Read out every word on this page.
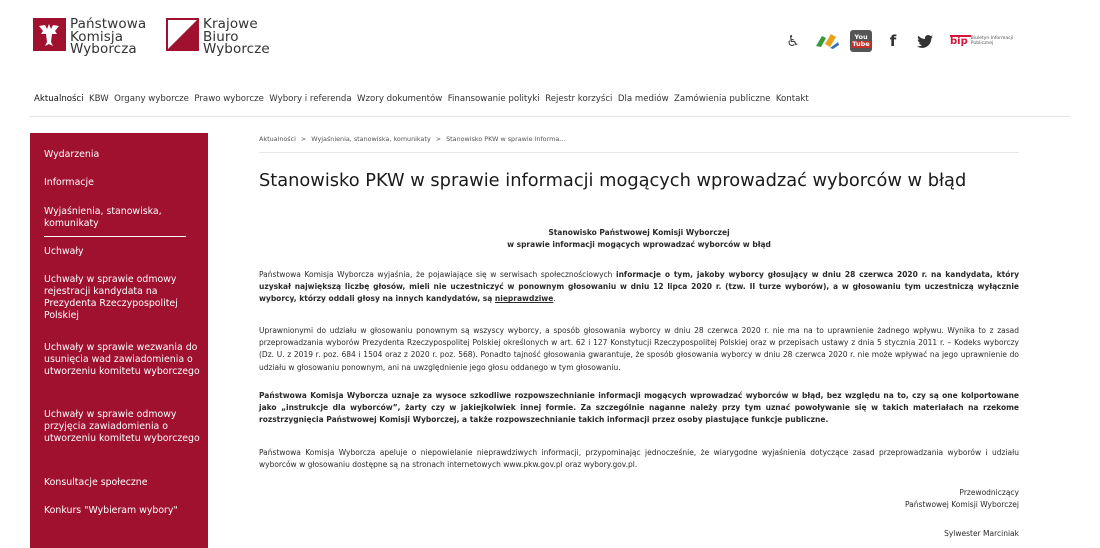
Państwowa
Komisja
Wyborcza
Krajowe
Biuro
Wyborcze	♿	You
Tube	f	bip Biuletyn Informacji Publicznej
Aktualności KBW Organy wyborcze Prawo wyborcze Wybory i referenda Wzory dokumentów Finansowanie polityki Rejestr korzyści Dla mediów Zamówienia publiczne Kontakt
Wydarzenia
Informacje
Wyjaśnienia, stanowiska, komunikaty
Uchwały
Uchwały w sprawie odmowy rejestracji kandydata na Prezydenta Rzeczypospolitej Polskiej
Uchwały w sprawie wezwania do usunięcia wad zawiadomienia o utworzeniu komitetu wyborczego
Uchwały w sprawie odmowy przyjęcia zawiadomienia o utworzeniu komitetu wyborczego
Konsultacje społeczne
Konkurs "Wybieram wybory"
Aktualności > Wyjaśnienia, stanowiska, komunikaty > Stanowisko PKW w sprawie informa...
Stanowisko PKW w sprawie informacji mogących wprowadzać wyborców w błąd
Stanowisko Państwowej Komisji Wyborczej
w sprawie informacji mogących wprowadzać wyborców w błąd

Państwowa Komisja Wyborcza wyjaśnia, że pojawiające się w serwisach społecznościowych informacje o tym, jakoby wyborcy głosujący w dniu 28 czerwca 2020 r. na kandydata, który uzyskał największą liczbę głosów, mieli nie uczestniczyć w ponownym głosowaniu w dniu 12 lipca 2020 r. (tzw. II turze wyborów), a w głosowaniu tym uczestniczą wyłącznie wyborcy, którzy oddali głosy na innych kandydatów, są nieprawdziwe.

Uprawnionymi do udziału w głosowaniu ponownym są wszyscy wyborcy, a sposób głosowania wyborcy w dniu 28 czerwca 2020 r. nie ma na to uprawnienie żadnego wpływu. Wynika to z zasad przeprowadzania wyborów Prezydenta Rzeczypospolitej Polskiej określonych w art. 62 i 127 Konstytucji Rzeczypospolitej Polskiej oraz w przepisach ustawy z dnia 5 stycznia 2011 r. – Kodeks wyborczy (Dz. U. z 2019 r. poz. 684 i 1504 oraz z 2020 r. poz. 568). Ponadto tajność głosowania gwarantuje, że sposób głosowania wyborcy w dniu 28 czerwca 2020 r. nie może wpływać na jego uprawnienie do udziału w głosowaniu ponownym, ani na uwzględnienie jego głosu oddanego w tym głosowaniu.

Państwowa Komisja Wyborcza uznaje za wysoce szkodliwe rozpowszechnianie informacji mogących wprowadzać wyborców w błąd, bez względu na to, czy są one kolportowane jako „instrukcje dla wyborców”, żarty czy w jakiejkolwiek innej formie. Za szczególnie naganne należy przy tym uznać powoływanie się w takich materiałach na rzekome rozstrzygnięcia Państwowej Komisji Wyborczej, a także rozpowszechnianie takich informacji przez osoby piastujące funkcje publiczne.

Państwowa Komisja Wyborcza apeluje o niepowielanie nieprawdziwych informacji, przypominając jednocześnie, że wiarygodne wyjaśnienia dotyczące zasad przeprowadzania wyborów i udziału wyborców w głosowaniu dostępne są na stronach internetowych www.pkw.gov.pl oraz wybory.gov.pl.

Przewodniczący
Państwowej Komisji Wyborczej
Sylwester Marciniak
